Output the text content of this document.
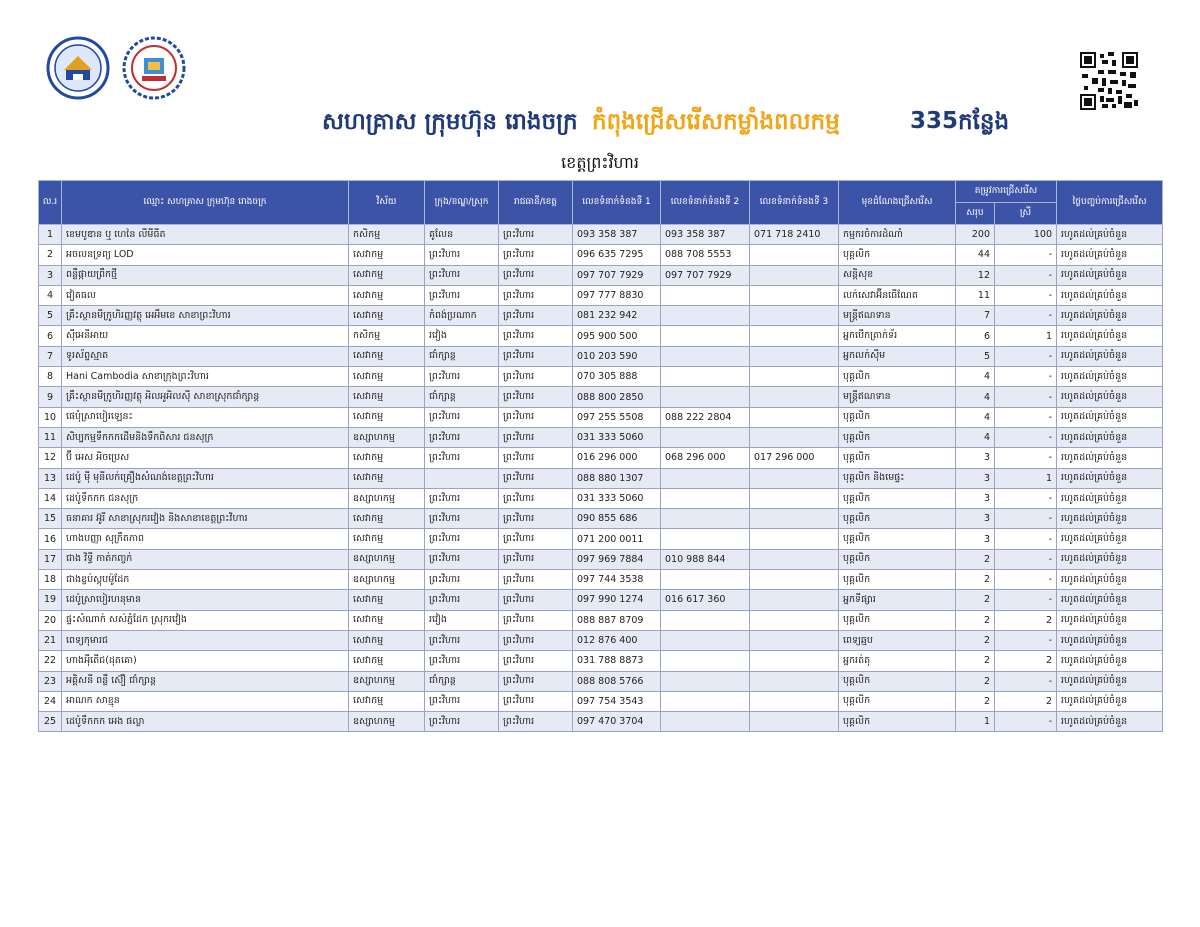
សហគ្រាស ក្រុមហ៊ុន រោងចក្រ កំពុងជ្រើសរើសកម្លាំងពលកម្ម	335 កន្លែង
ខេត្តព្រះវិហារ
ល.រ	ឈ្មោះ សហគ្រាស ក្រុមហ៊ុន រោងចក្រ	វិស័យ	ក្រុង/ខណ្ឌ/ស្រុក	រាជធានី/ខេត្ត	លេខទំនាក់ទំនងទី 1	លេខទំនាក់ទំនងទី 2	លេខទំនាក់ទំនងទី 3	មុខដំណែងជ្រើសរើស	តម្រូវការជ្រើសរើស		ថ្ងៃបញ្ចប់ការជ្រើសរើស
									សរុប	ស្រី	
1	ខេមបូឌាន ឬ ហេនៃ លីមីធីត	កសិកម្ម	គូលែន	ព្រះវិហារ	093 358 387	093 358 387	071 718 2410	កម្មករចំការដំណាំ	200	100	រហូតដល់គ្រប់ចំនួន
2	អចលនទ្រព្យ LOD	សេវាកម្ម	ព្រះវិហារ	ព្រះវិហារ	096 635 7295	088 708 5553		បុគ្គលិក	44	-	រហូតដល់គ្រប់ចំនួន
3	ពន្លឺផ្កាយព្រឹកថ្មី	សេវាកម្ម	ព្រះវិហារ	ព្រះវិហារ	097 707 7929	097 707 7929		សន្តិសុខ	12	-	រហូតដល់គ្រប់ចំនួន
4	វៀតធល	សេវាកម្ម	ព្រះវិហារ	ព្រះវិហារ	097 777 8830			លក់សេវាអ៊ីនធើណែត	11	-	រហូតដល់គ្រប់ចំនួន
5	គ្រឹះស្ថានមីក្រូហិរញ្ញវត្ថុ អេអឹមខេ សាខាព្រះវិហារ	សេវាកម្ម	កំពង់ប្រណាក	ព្រះវិហារ	081 232 942			មន្ត្រីឥណទាន	7	-	រហូតដល់គ្រប់ចំនួន
6	ស៊ីអេនីអាយ	កសិកម្ម	រវៀង	ព្រះវិហារ	095 900 500			អ្នកបើកត្រាក់ទ័រ	6	1	រហូតដល់គ្រប់ចំនួន
7	ទូរស័ព្ទស្មាត	សេវាកម្ម	ជាំក្សាន្ត	ព្រះវិហារ	010 203 590			អ្នកលក់ស៊ីម	5	-	រហូតដល់គ្រប់ចំនួន
8	Hani Cambodia សាខាក្រុងព្រះវិហារ	សេវាកម្ម	ព្រះវិហារ	ព្រះវិហារ	070 305 888			បុគ្គលិក	4	-	រហូតដល់គ្រប់ចំនួន
9	គ្រឹះស្ថានមីក្រូហិរញ្ញវត្ថុ អិលអូអិលស៊ី សាខាស្រុកជាំក្សាន្ត	សេវាកម្ម	ជាំក្សាន្ត	ព្រះវិហារ	088 800 2850			មន្ត្រីឥណទាន	4	-	រហូតដល់គ្រប់ចំនួន
10	ផេបុំស្រាបៀរឡេនះ	សេវាកម្ម	ព្រះវិហារ	ព្រះវិហារ	097 255 5508	088 222 2804		បុគ្គលិក	4	-	រហូតដល់គ្រប់ចំនួន
11	សិប្បកម្មទឹកកកដើមនិងទឹកពិសារ ជនសុក្រ	ឧស្សាហកម្ម	ព្រះវិហារ	ព្រះវិហារ	031 333 5060			បុគ្គលិក	4	-	រហូតដល់គ្រប់ចំនួន
12	ប៊ី អេស អិចប្រេស	សេវាកម្ម	ព្រះវិហារ	ព្រះវិហារ	016 296 000	068 296 000	017 296 000	បុគ្គលិក	3	-	រហូតដល់គ្រប់ចំនួន
13	ដេប៉ូ ម៉ី មុនីលក់គ្រឿងសំណង់ខេត្តព្រះវិហារ	សេវាកម្ម		ព្រះវិហារ	088 880 1307			បុគ្គលិក និងមេផ្ទះ	3	1	រហូតដល់គ្រប់ចំនួន
14	ដេប៉ូទឹកកក ជនសុក្រ	ឧស្សាហកម្ម	ព្រះវិហារ	ព្រះវិហារ	031 333 5060			បុគ្គលិក	3	-	រហូតដល់គ្រប់ចំនួន
15	ធនាគារ អ៊ូរី សាខាស្រុករវៀង និងសាខាខេត្តព្រះវិហារ	សេវាកម្ម	ព្រះវិហារ	ព្រះវិហារ	090 855 686			បុគ្គលិក	3	-	រហូតដល់គ្រប់ចំនួន
16	ហាងបញ្ញា សុក្រឹតភាព	សេវាកម្ម	ព្រះវិហារ	ព្រះវិហារ	071 200 0011			បុគ្គលិក	3	-	រហូតដល់គ្រប់ចំនួន
17	ជាង វិទ្ធី កាត់កញ្ចក់	ឧស្សាហកម្ម	ព្រះវិហារ	ព្រះវិហារ	097 969 7884	010 988 844		បុគ្គលិក	2	-	រហូតដល់គ្រប់ចំនួន
18	ជាងខ្ចប់ស្តុបម៉ូដែក	ឧស្សាហកម្ម	ព្រះវិហារ	ព្រះវិហារ	097 744 3538			បុគ្គលិក	2	-	រហូតដល់គ្រប់ចំនួន
19	ដេប៉ូស្រាបៀរហនុមាន	សេវាកម្ម	ព្រះវិហារ	ព្រះវិហារ	097 990 1274	016 617 360		អ្នកទីផ្សារ	2	-	រហូតដល់គ្រប់ចំនួន
20	ផ្ទះសំណាក់ សស់ភ្នំដែក ស្រុករវៀង	សេវាកម្ម	រវៀង	ព្រះវិហារ	088 887 8709			បុគ្គលិក	2	2	រហូតដល់គ្រប់ចំនួន
21	ពេទ្យកុមារជ	សេវាកម្ម	ព្រះវិហារ	ព្រះវិហារ	012 876 400			ពេទ្យឆ្មប	2	-	រហូតដល់គ្រប់ចំនួន
22	ហាងអ៉ីតើជ(ដុតគោ)	សេវាកម្ម	ព្រះវិហារ	ព្រះវិហារ	031 788 8873			អ្នករត់តុ	2	2	រហូតដល់គ្រប់ចំនួន
23	អគ្គិសនី ពន្លឺ ស៊ឿ ជាំក្សាន្ត	ឧស្សាហកម្ម	ជាំក្សាន្ត	ព្រះវិហារ	088 808 5766			បុគ្គលិក	2	-	រហូតដល់គ្រប់ចំនួន
24	អាណក សាខ្មុន	សេវាកម្ម	ព្រះវិហារ	ព្រះវិហារ	097 754 3543			បុគ្គលិក	2	2	រហូតដល់គ្រប់ចំនួន
25	ដេប៉ូទឹកកក អេង ផល្លា	ឧស្សាហកម្ម	ព្រះវិហារ	ព្រះវិហារ	097 470 3704			បុគ្គលិក	1	-	រហូតដល់គ្រប់ចំនួន
